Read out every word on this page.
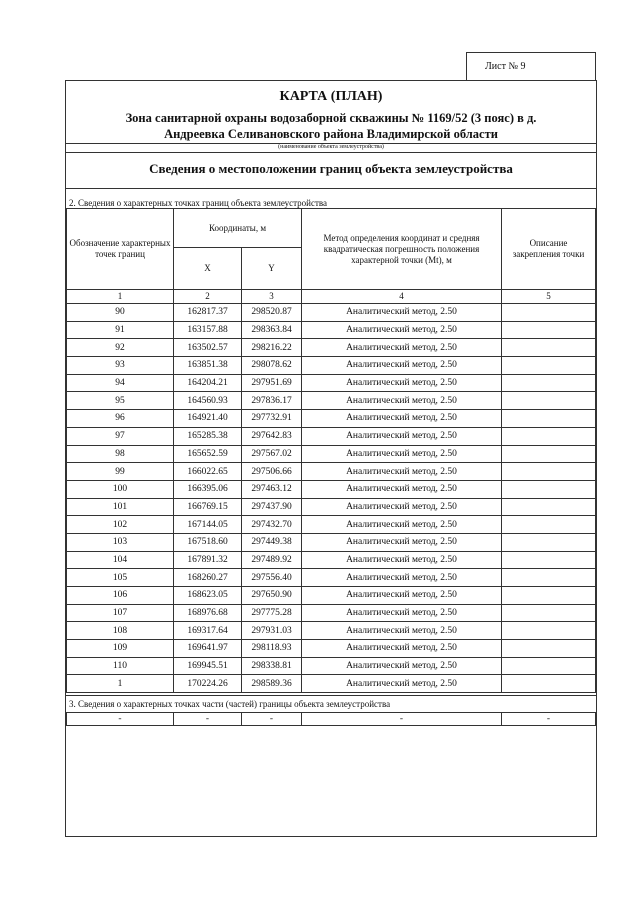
Лист № 9
КАРТА (ПЛАН)
Зона санитарной охраны водозаборной скважины № 1169/52 (3 пояс) в д.
Андреевка Селивановского района Владимирской области
(наименование объекта землеустройства)
Сведения о местоположении границ объекта землеустройства
2. Сведения о характерных точках границ объекта землеустройства
Обозначение характерных точек границ	Координаты, м		Метод определения координат и средняя квадратическая погрешность положения характерной точки (Mt), м	Описание закрепления точки
	X	Y		
1	2	3	4	5
90	162817.37	298520.87	Аналитический метод, 2.50	
91	163157.88	298363.84	Аналитический метод, 2.50	
92	163502.57	298216.22	Аналитический метод, 2.50	
93	163851.38	298078.62	Аналитический метод, 2.50	
94	164204.21	297951.69	Аналитический метод, 2.50	
95	164560.93	297836.17	Аналитический метод, 2.50	
96	164921.40	297732.91	Аналитический метод, 2.50	
97	165285.38	297642.83	Аналитический метод, 2.50	
98	165652.59	297567.02	Аналитический метод, 2.50	
99	166022.65	297506.66	Аналитический метод, 2.50	
100	166395.06	297463.12	Аналитический метод, 2.50	
101	166769.15	297437.90	Аналитический метод, 2.50	
102	167144.05	297432.70	Аналитический метод, 2.50	
103	167518.60	297449.38	Аналитический метод, 2.50	
104	167891.32	297489.92	Аналитический метод, 2.50	
105	168260.27	297556.40	Аналитический метод, 2.50	
106	168623.05	297650.90	Аналитический метод, 2.50	
107	168976.68	297775.28	Аналитический метод, 2.50	
108	169317.64	297931.03	Аналитический метод, 2.50	
109	169641.97	298118.93	Аналитический метод, 2.50	
110	169945.51	298338.81	Аналитический метод, 2.50	
1	170224.26	298589.36	Аналитический метод, 2.50	
3. Сведения о характерных точках части (частей) границы объекта землеустройства
-	-	-	-	-
